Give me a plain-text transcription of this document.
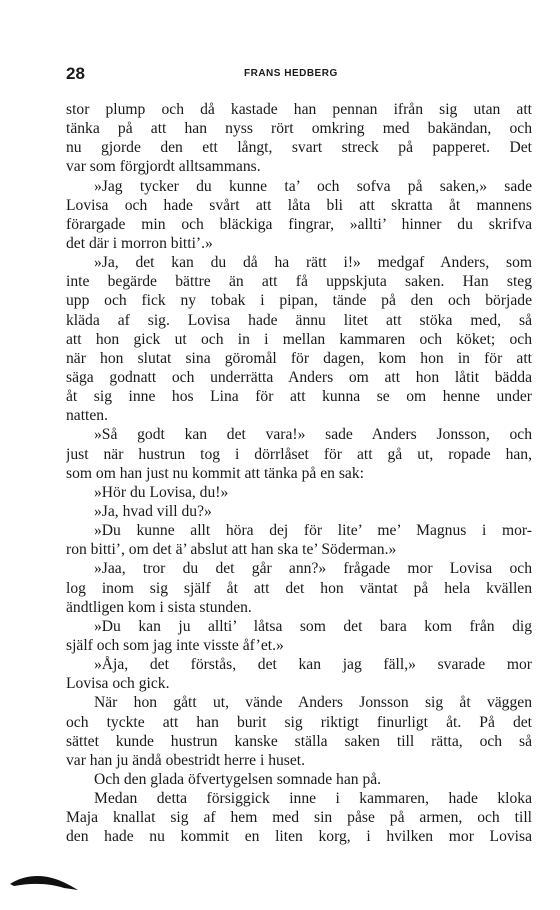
28	FRANS HEDBERG
stor plump och då kastade han pennan ifrån sig utan att
tänka på att han nyss rört omkring med bakändan, och
nu gjorde den ett långt, svart streck på papperet. Det
var som förgjordt alltsammans.
»Jag tycker du kunne ta’ och sofva på saken,» sade
Lovisa och hade svårt att låta bli att skratta åt mannens
förargade min och bläckiga fingrar, »allti’ hinner du skrifva
det där i morron bitti’.»
»Ja, det kan du då ha rätt i!» medgaf Anders, som
inte begärde bättre än att få uppskjuta saken. Han steg
upp och fick ny tobak i pipan, tände på den och började
kläda af sig. Lovisa hade ännu litet att stöka med, så
att hon gick ut och in i mellan kammaren och köket; och
när hon slutat sina göromål för dagen, kom hon in för att
säga godnatt och underrätta Anders om att hon låtit bädda
åt sig inne hos Lina för att kunna se om henne under
natten.
»Så godt kan det vara!» sade Anders Jonsson, och
just när hustrun tog i dörrlåset för att gå ut, ropade han,
som om han just nu kommit att tänka på en sak:
»Hör du Lovisa, du!»
»Ja, hvad vill du?»
»Du kunne allt höra dej för lite’ me’ Magnus i mor-
ron bitti’, om det ä’ abslut att han ska te’ Söderman.»
»Jaa, tror du det går ann?» frågade mor Lovisa och
log inom sig själf åt att det hon väntat på hela kvällen
ändtligen kom i sista stunden.
»Du kan ju allti’ låtsa som det bara kom från dig
själf och som jag inte visste åf’et.»
»Åja, det förstås, det kan jag fäll,» svarade mor
Lovisa och gick.
När hon gått ut, vände Anders Jonsson sig åt väggen
och tyckte att han burit sig riktigt finurligt åt. På det
sättet kunde hustrun kanske ställa saken till rätta, och så
var han ju ändå obestridt herre i huset.
Och den glada öfvertygelsen somnade han på.
Medan detta försiggick inne i kammaren, hade kloka
Maja knallat sig af hem med sin påse på armen, och till
den hade nu kommit en liten korg, i hvilken mor Lovisa
